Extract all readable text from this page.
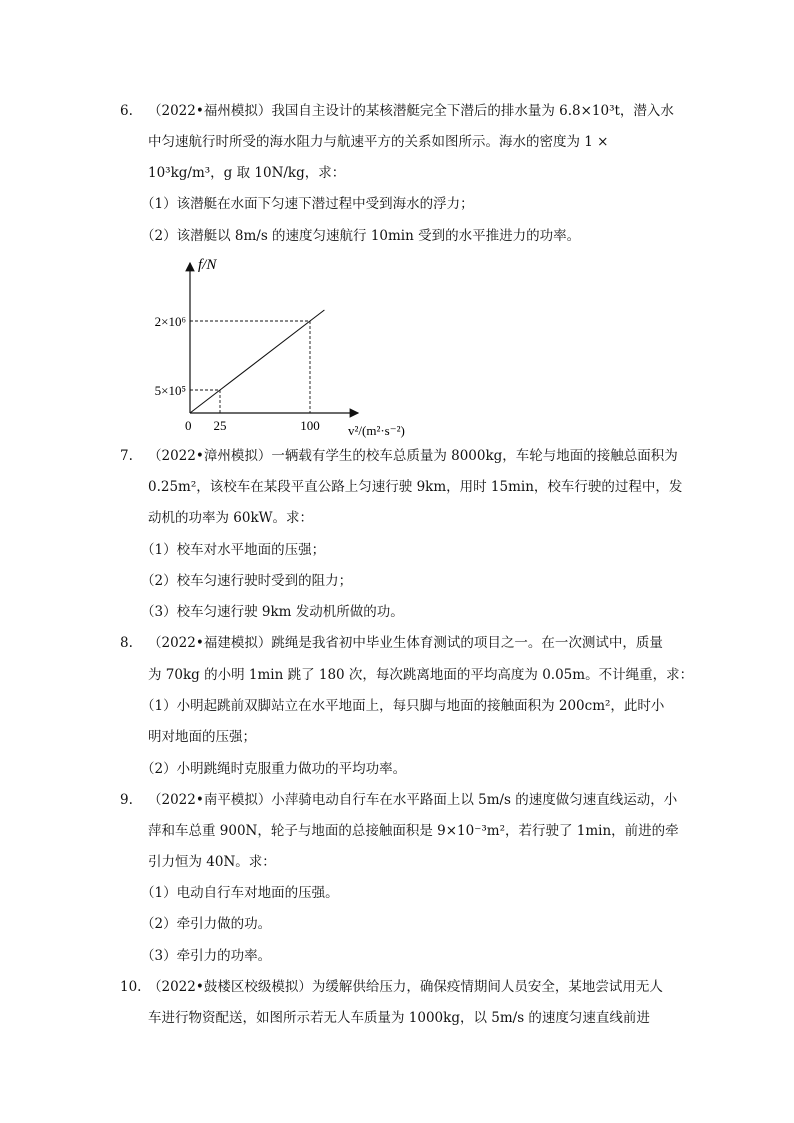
6. （2022•福州模拟）我国自主设计的某核潜艇完全下潜后的排水量为 6.8×10³t，潜入水
中匀速航行时所受的海水阻力与航速平方的关系如图所示。海水的密度为 1 ×
10³kg/m³，g 取 10N/kg，求：
（1）该潜艇在水面下匀速下潜过程中受到海水的浮力；
（2）该潜艇以 8m/s 的速度匀速航行 10min 受到的水平推进力的功率。
f/N
v²/(m²·s⁻²)
0 25	100
5×10⁵
2×10⁶
7. （2022•漳州模拟）一辆载有学生的校车总质量为 8000kg，车轮与地面的接触总面积为
0.25m²，该校车在某段平直公路上匀速行驶 9km，用时 15min，校车行驶的过程中，发
动机的功率为 60kW。求：
（1）校车对水平地面的压强；
（2）校车匀速行驶时受到的阻力；
（3）校车匀速行驶 9km 发动机所做的功。
8. （2022•福建模拟）跳绳是我省初中毕业生体育测试的项目之一。在一次测试中，质量
为 70kg 的小明 1min 跳了 180 次，每次跳离地面的平均高度为 0.05m。不计绳重，求：
（1）小明起跳前双脚站立在水平地面上，每只脚与地面的接触面积为 200cm²，此时小
明对地面的压强；
（2）小明跳绳时克服重力做功的平均功率。
9. （2022•南平模拟）小萍骑电动自行车在水平路面上以 5m/s 的速度做匀速直线运动，小
萍和车总重 900N，轮子与地面的总接触面积是 9×10⁻³m²，若行驶了 1min，前进的牵
引力恒为 40N。求：
（1）电动自行车对地面的压强。
（2）牵引力做的功。
（3）牵引力的功率。
10. （2022•鼓楼区校级模拟）为缓解供给压力，确保疫情期间人员安全，某地尝试用无人
车进行物资配送，如图所示若无人车质量为 1000kg，以 5m/s 的速度匀速直线前进
